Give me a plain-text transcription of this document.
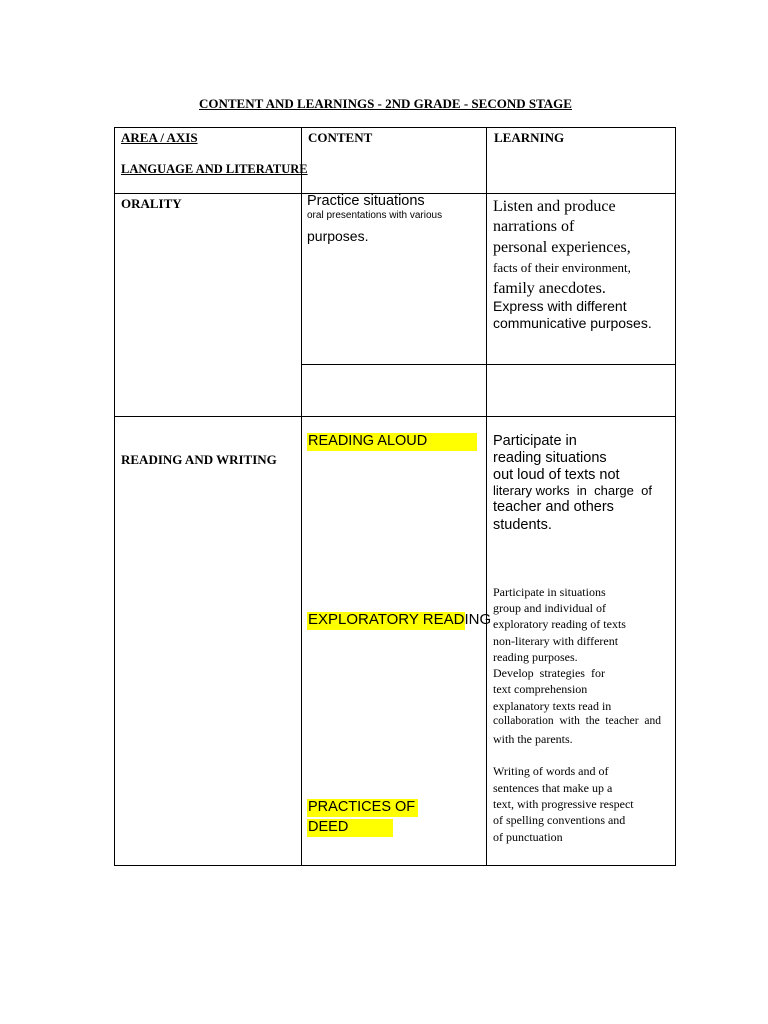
CONTENT AND LEARNINGS - 2ND GRADE - SECOND STAGE
AREA / AXIS
LANGUAGE AND LITERATURE
CONTENT	LEARNING
ORALITY	Practice situations
oral presentations with various
purposes.
Listen and produce
narrations of
personal experiences,
facts of their environment,
family anecdotes.
Express with different
communicative purposes.
READING AND WRITING
READING ALOUD
EXPLORATORY READING
PRACTICES OF
DEED
Participate in
reading situations
out loud of texts not
literary works  in  charge  of
teacher and others
students.
Participate in situations
group and individual of
exploratory reading of texts
non-literary with different
reading purposes.
Develop  strategies  for
text comprehension
explanatory texts read in
collaboration  with  the  teacher  and
with the parents.
Writing of words and of
sentences that make up a
text, with progressive respect
of spelling conventions and
of punctuation
